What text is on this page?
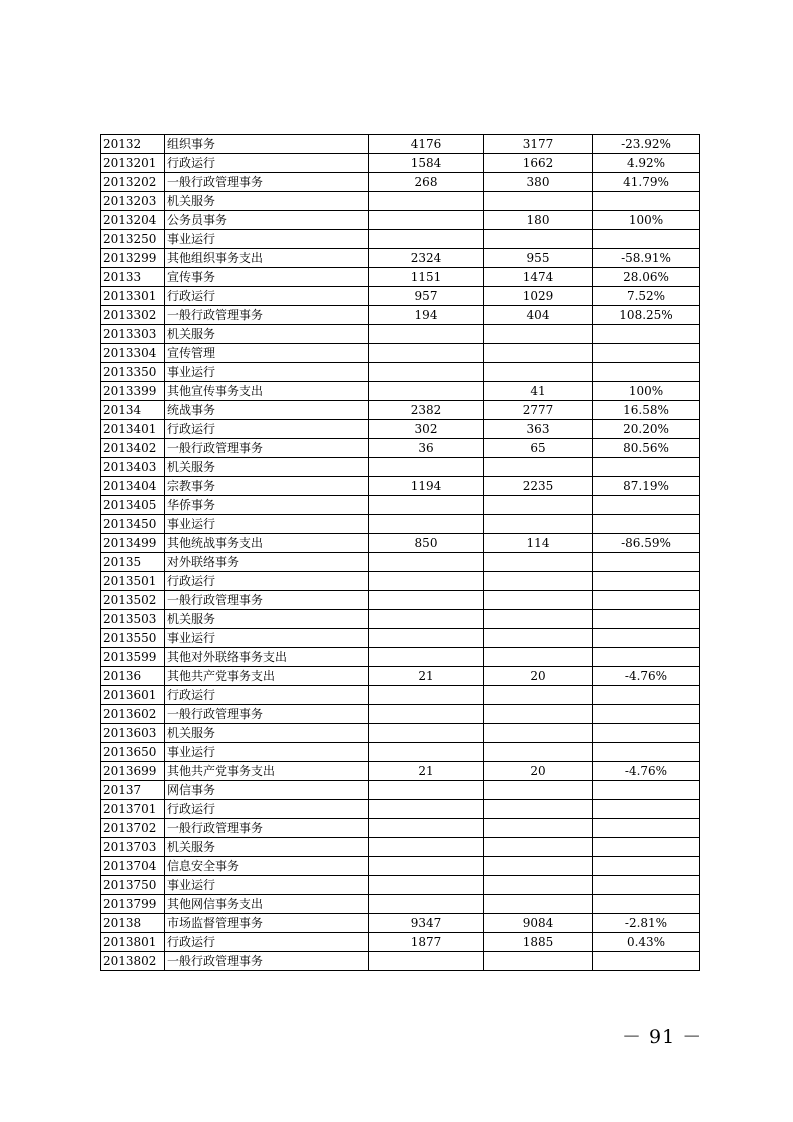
20132	组织事务	4176	3177	-23.92%
2013201	行政运行	1584	1662	4.92%
2013202	一般行政管理事务	268	380	41.79%
2013203	机关服务			
2013204	公务员事务		180	100%
2013250	事业运行			
2013299	其他组织事务支出	2324	955	-58.91%
20133	宣传事务	1151	1474	28.06%
2013301	行政运行	957	1029	7.52%
2013302	一般行政管理事务	194	404	108.25%
2013303	机关服务			
2013304	宣传管理			
2013350	事业运行			
2013399	其他宣传事务支出		41	100%
20134	统战事务	2382	2777	16.58%
2013401	行政运行	302	363	20.20%
2013402	一般行政管理事务	36	65	80.56%
2013403	机关服务			
2013404	宗教事务	1194	2235	87.19%
2013405	华侨事务			
2013450	事业运行			
2013499	其他统战事务支出	850	114	-86.59%
20135	对外联络事务			
2013501	行政运行			
2013502	一般行政管理事务			
2013503	机关服务			
2013550	事业运行			
2013599	其他对外联络事务支出			
20136	其他共产党事务支出	21	20	-4.76%
2013601	行政运行			
2013602	一般行政管理事务			
2013603	机关服务			
2013650	事业运行			
2013699	其他共产党事务支出	21	20	-4.76%
20137	网信事务			
2013701	行政运行			
2013702	一般行政管理事务			
2013703	机关服务			
2013704	信息安全事务			
2013750	事业运行			
2013799	其他网信事务支出			
20138	市场监督管理事务	9347	9084	-2.81%
2013801	行政运行	1877	1885	0.43%
2013802	一般行政管理事务			
－ 91 －
